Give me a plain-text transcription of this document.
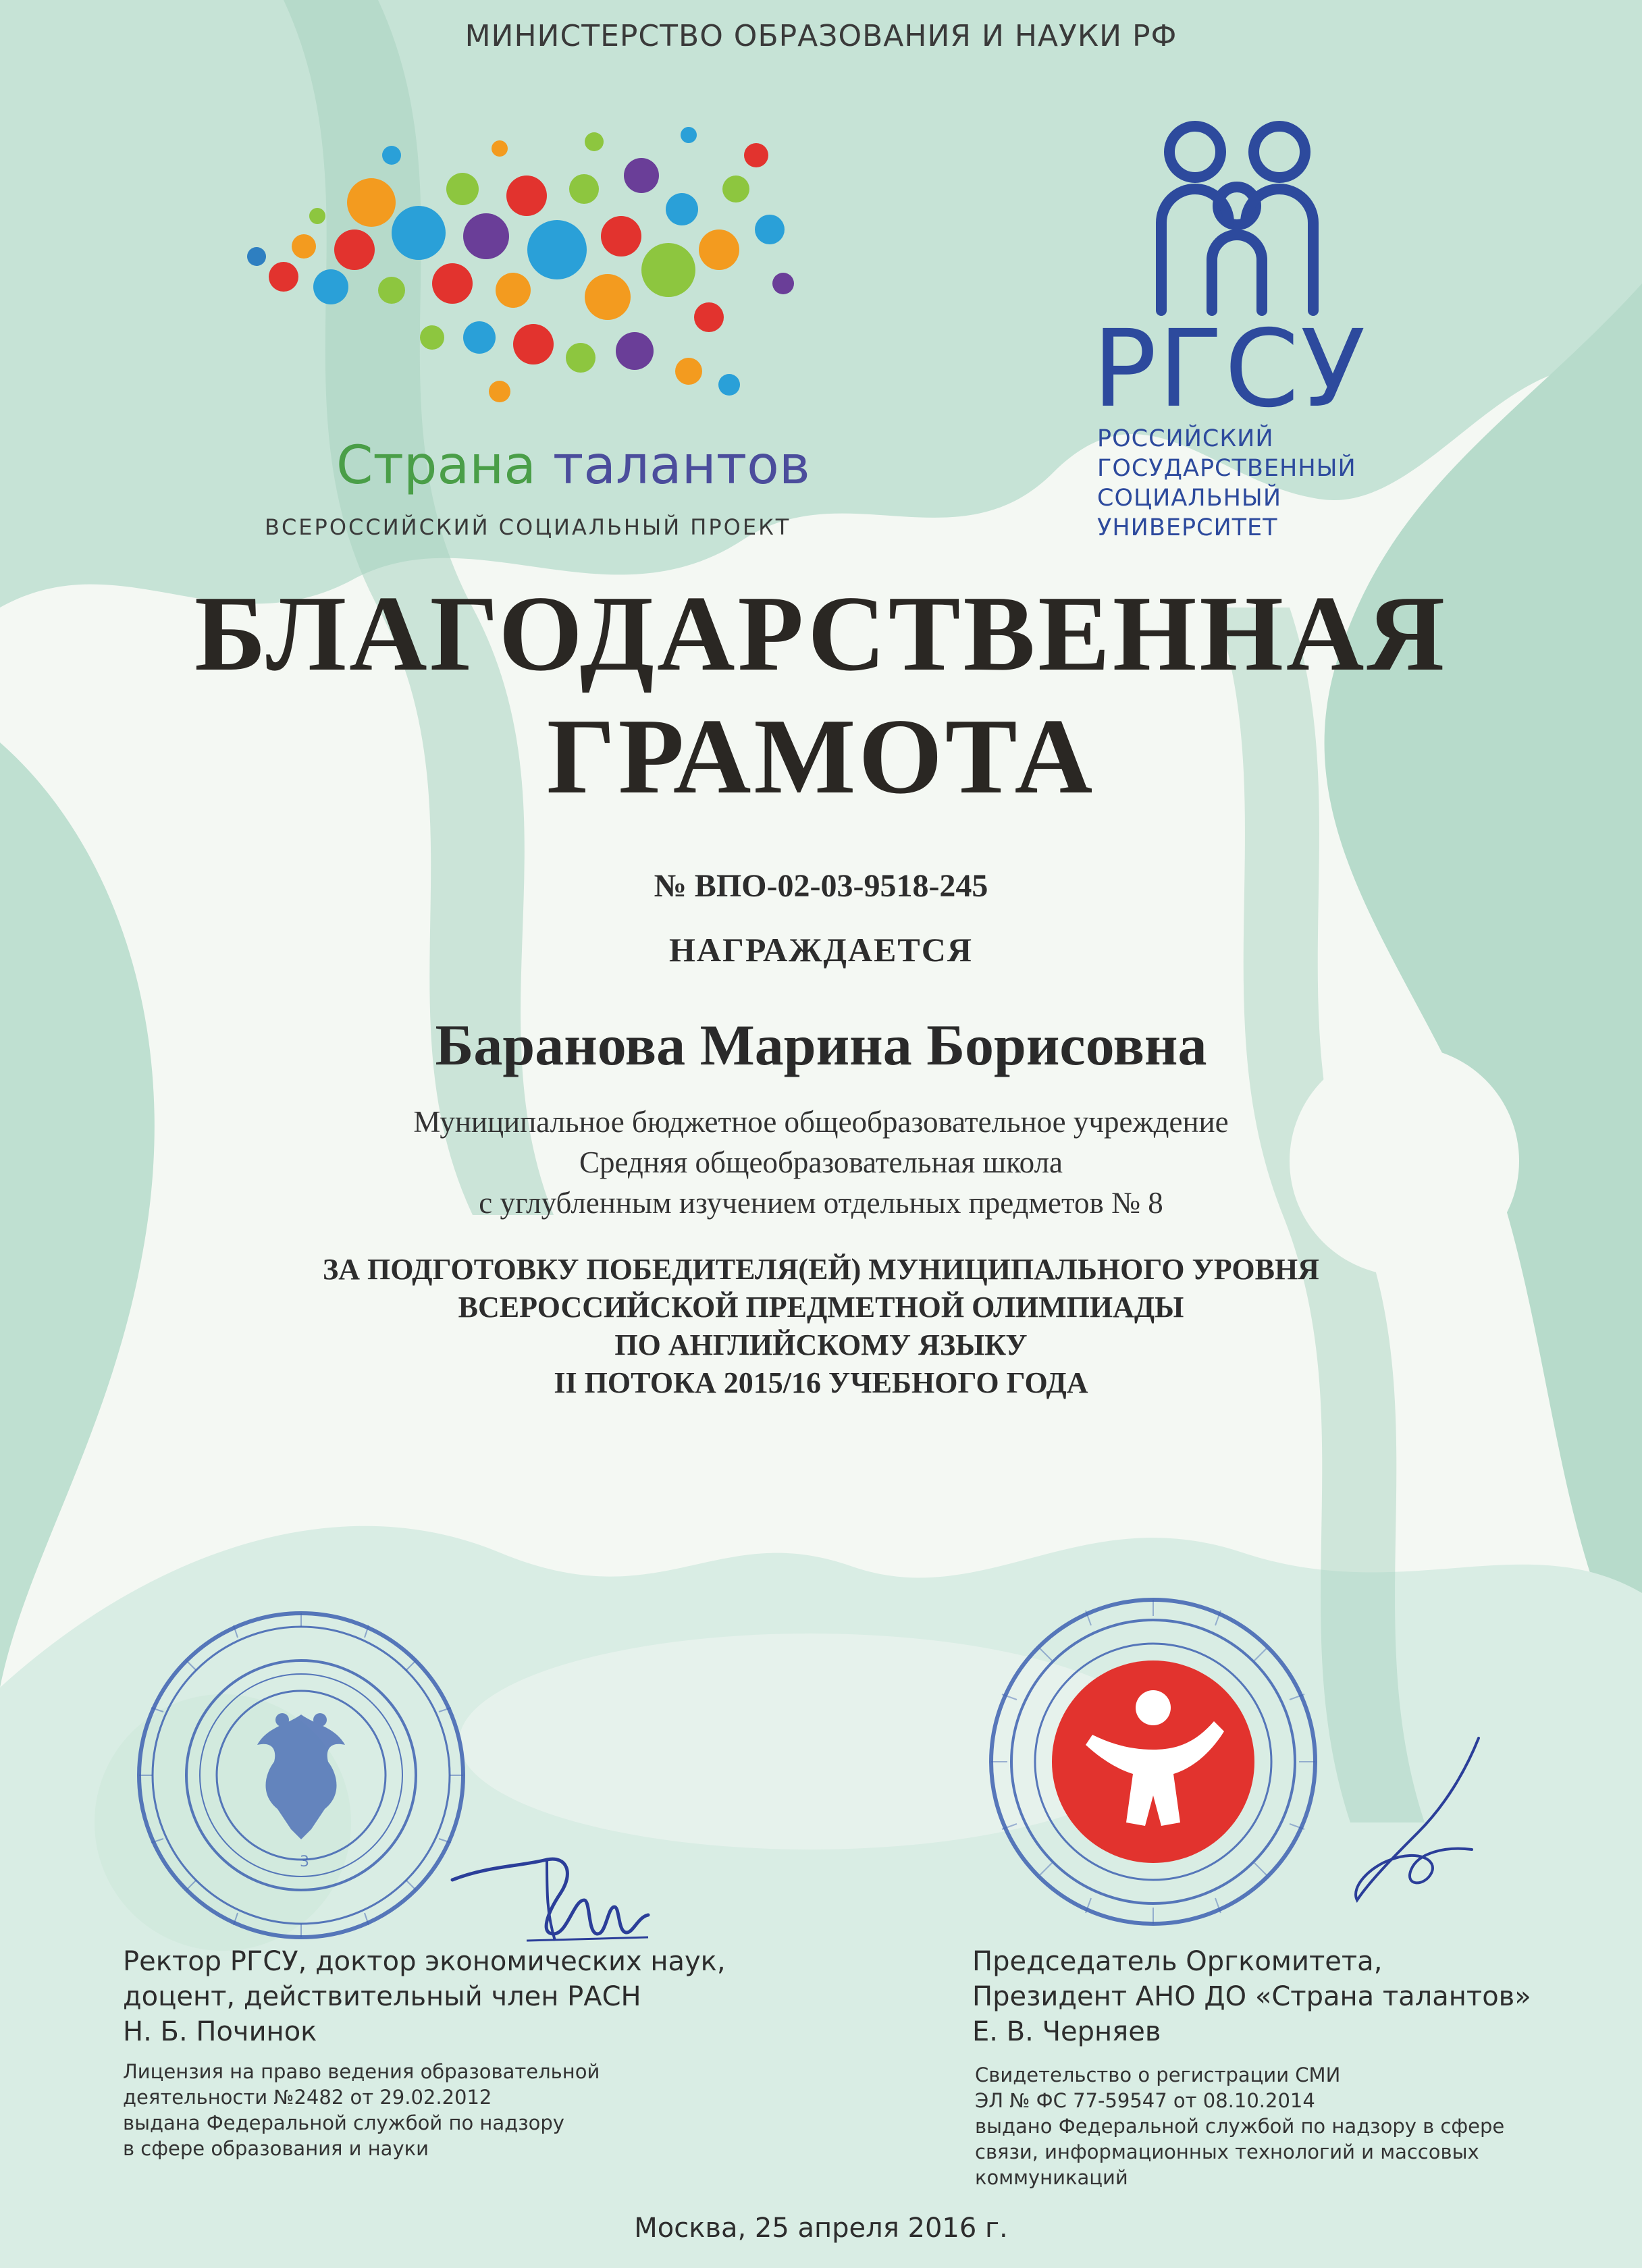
МИНИСТЕРСТВО ОБРАЗОВАНИЯ И НАУКИ РФ
Страна талантов
ВСЕРОССИЙСКИЙ СОЦИАЛЬНЫЙ ПРОЕКТ
РГСУ
РОССИЙСКИЙ
ГОСУДАРСТВЕННЫЙ
СОЦИАЛЬНЫЙ
УНИВЕРСИТЕТ
БЛАГОДАРСТВЕННАЯ
ГРАМОТА
№ ВПО-02-03-9518-245
НАГРАЖДАЕТСЯ
Баранова Марина Борисовна
Муниципальное бюджетное общеобразовательное учреждение
Средняя общеобразовательная школа
с углубленным изучением отдельных предметов № 8
ЗА ПОДГОТОВКУ ПОБЕДИТЕЛЯ(ЕЙ) МУНИЦИПАЛЬНОГО УРОВНЯ
ВСЕРОССИЙСКОЙ ПРЕДМЕТНОЙ ОЛИМПИАДЫ
ПО АНГЛИЙСКОМУ ЯЗЫКУ
II ПОТОКА 2015/16 УЧЕБНОГО ГОДА
3
Ректор РГСУ, доктор экономических наук,
доцент, действительный член РАСН
Н. Б. Починок
Лицензия на право ведения образовательной
деятельности №2482 от 29.02.2012
выдана Федеральной службой по надзору
в сфере образования и науки
Председатель Оргкомитета,
Президент АНО ДО «Страна талантов»
Е. В. Черняев
Свидетельство о регистрации СМИ
ЭЛ № ФС 77-59547 от 08.10.2014
выдано Федеральной службой по надзору в сфере
связи, информационных технологий и массовых
коммуникаций
Москва, 25 апреля 2016 г.
